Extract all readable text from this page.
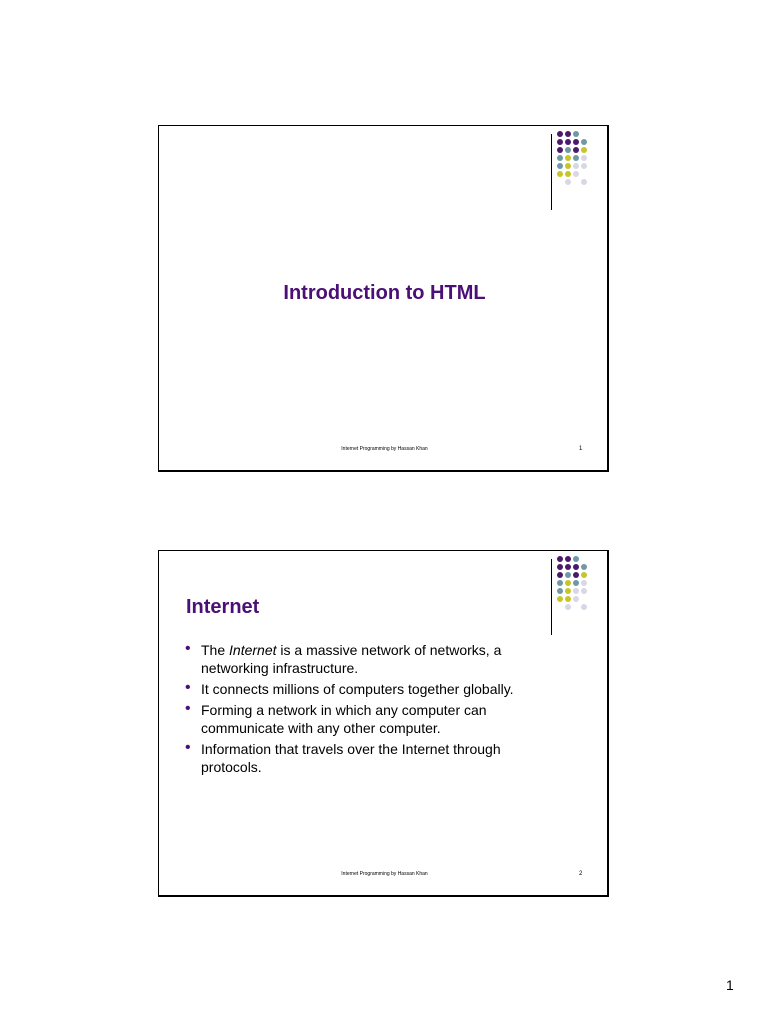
Introduction to HTML
Internet Programming by Hassan Khan	1
Internet
• The Internet is a massive network of networks, a networking infrastructure.
• It connects millions of computers together globally.
• Forming a network in which any computer can communicate with any other computer.
• Information that travels over the Internet through protocols.
Internet Programming by Hassan Khan	2
1
